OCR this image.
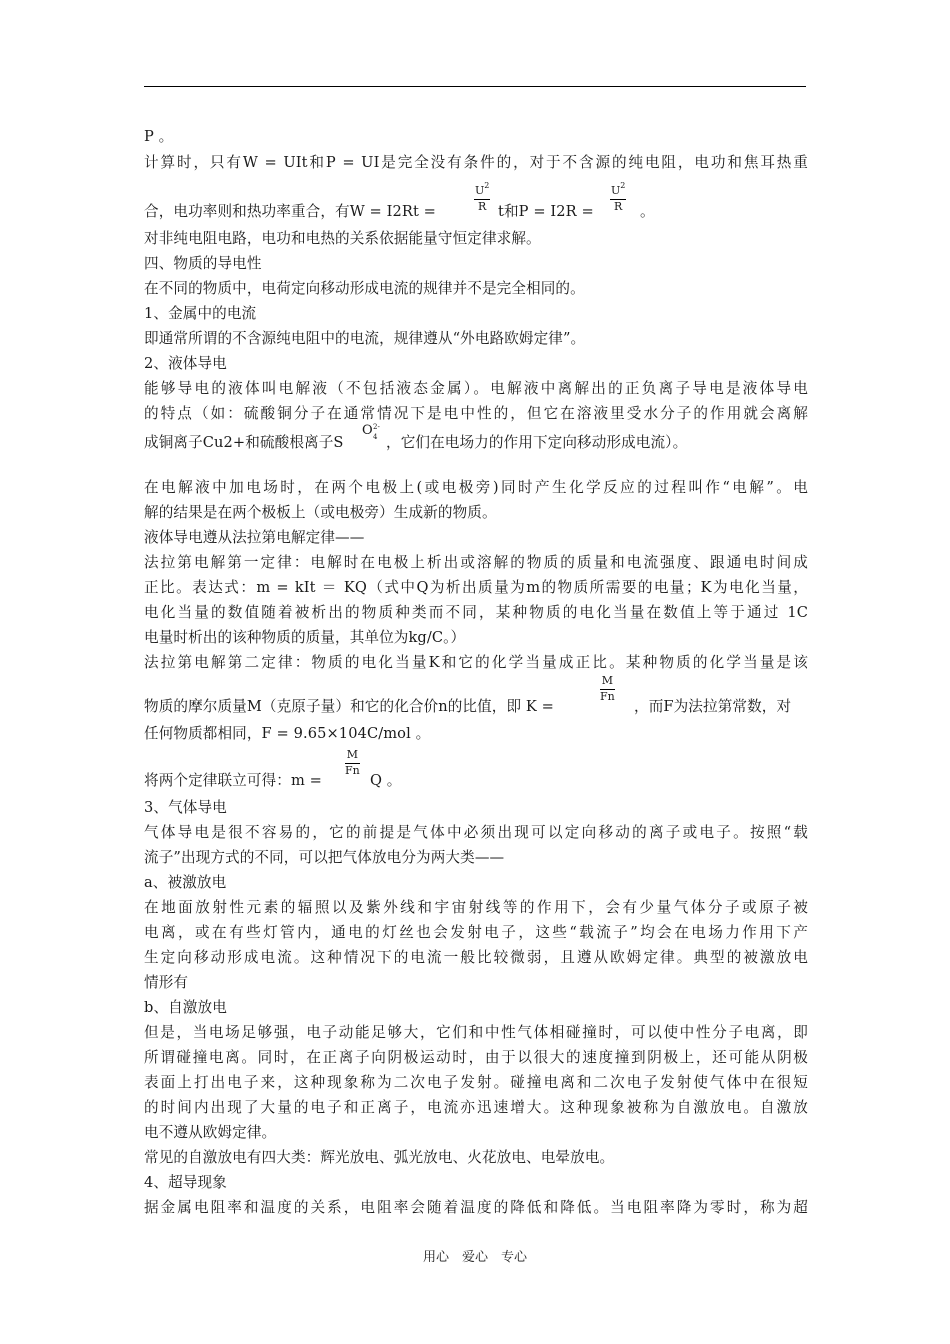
P 。
计算时，只有W = UIt和P = UI是完全没有条件的，对于不含源的纯电阻，电功和焦耳热重
合，电功率则和热功率重合，有W = I2Rt =
$U^2$
R t和P = I2R =
$U^2$
R 。
对非纯电阻电路，电功和电热的关系依据能量守恒定律求解。
四、物质的导电性
在不同的物质中，电荷定向移动形成电流的规律并不是完全相同的。
1、金属中的电流
即通常所谓的不含源纯电阻中的电流，规律遵从“外电路欧姆定律”。
2、液体导电
能够导电的液体叫电解液（不包括液态金属）。电解液中离解出的正负离子导电是液体导电
的特点（如：硫酸铜分子在通常情况下是电中性的，但它在溶液里受水分子的作用就会离解
成铜离子Cu2+和硫酸根离子S
O 2-
4 ，它们在电场力的作用下定向移动形成电流）。
在电解液中加电场时，在两个电极上(或电极旁)同时产生化学反应的过程叫作“电解”。电
解的结果是在两个极板上（或电极旁）生成新的物质。
液体导电遵从法拉第电解定律——
法拉第电解第一定律：电解时在电极上析出或溶解的物质的质量和电流强度、跟通电时间成
正比。表达式：m = kIt ＝ KQ（式中Q为析出质量为m的物质所需要的电量；K为电化当量，
电化当量的数值随着被析出的物质种类而不同，某种物质的电化当量在数值上等于通过 1C
电量时析出的该种物质的质量，其单位为kg/C。）
法拉第电解第二定律：物质的电化当量K和它的化学当量成正比。某种物质的化学当量是该
物质的摩尔质量M（克原子量）和它的化合价n的比值，即 K =
M
Fn
，而F为法拉第常数，对
任何物质都相同，F = 9.65×104C/mol 。
将两个定律联立可得：m =
M
Fn
Q 。
3、气体导电
气体导电是很不容易的，它的前提是气体中必须出现可以定向移动的离子或电子。按照“载
流子”出现方式的不同，可以把气体放电分为两大类——
a、被激放电
在地面放射性元素的辐照以及紫外线和宇宙射线等的作用下，会有少量气体分子或原子被
电离，或在有些灯管内，通电的灯丝也会发射电子，这些“载流子”均会在电场力作用下产
生定向移动形成电流。这种情况下的电流一般比较微弱，且遵从欧姆定律。典型的被激放电
情形有
b、自激放电
但是，当电场足够强，电子动能足够大，它们和中性气体相碰撞时，可以使中性分子电离，即
所谓碰撞电离。同时，在正离子向阴极运动时，由于以很大的速度撞到阴极上，还可能从阴极
表面上打出电子来，这种现象称为二次电子发射。碰撞电离和二次电子发射使气体中在很短
的时间内出现了大量的电子和正离子，电流亦迅速增大。这种现象被称为自激放电。自激放
电不遵从欧姆定律。
常见的自激放电有四大类：辉光放电、弧光放电、火花放电、电晕放电。
4、超导现象
据金属电阻率和温度的关系，电阻率会随着温度的降低和降低。当电阻率降为零时，称为超
用心　爱心　专心
